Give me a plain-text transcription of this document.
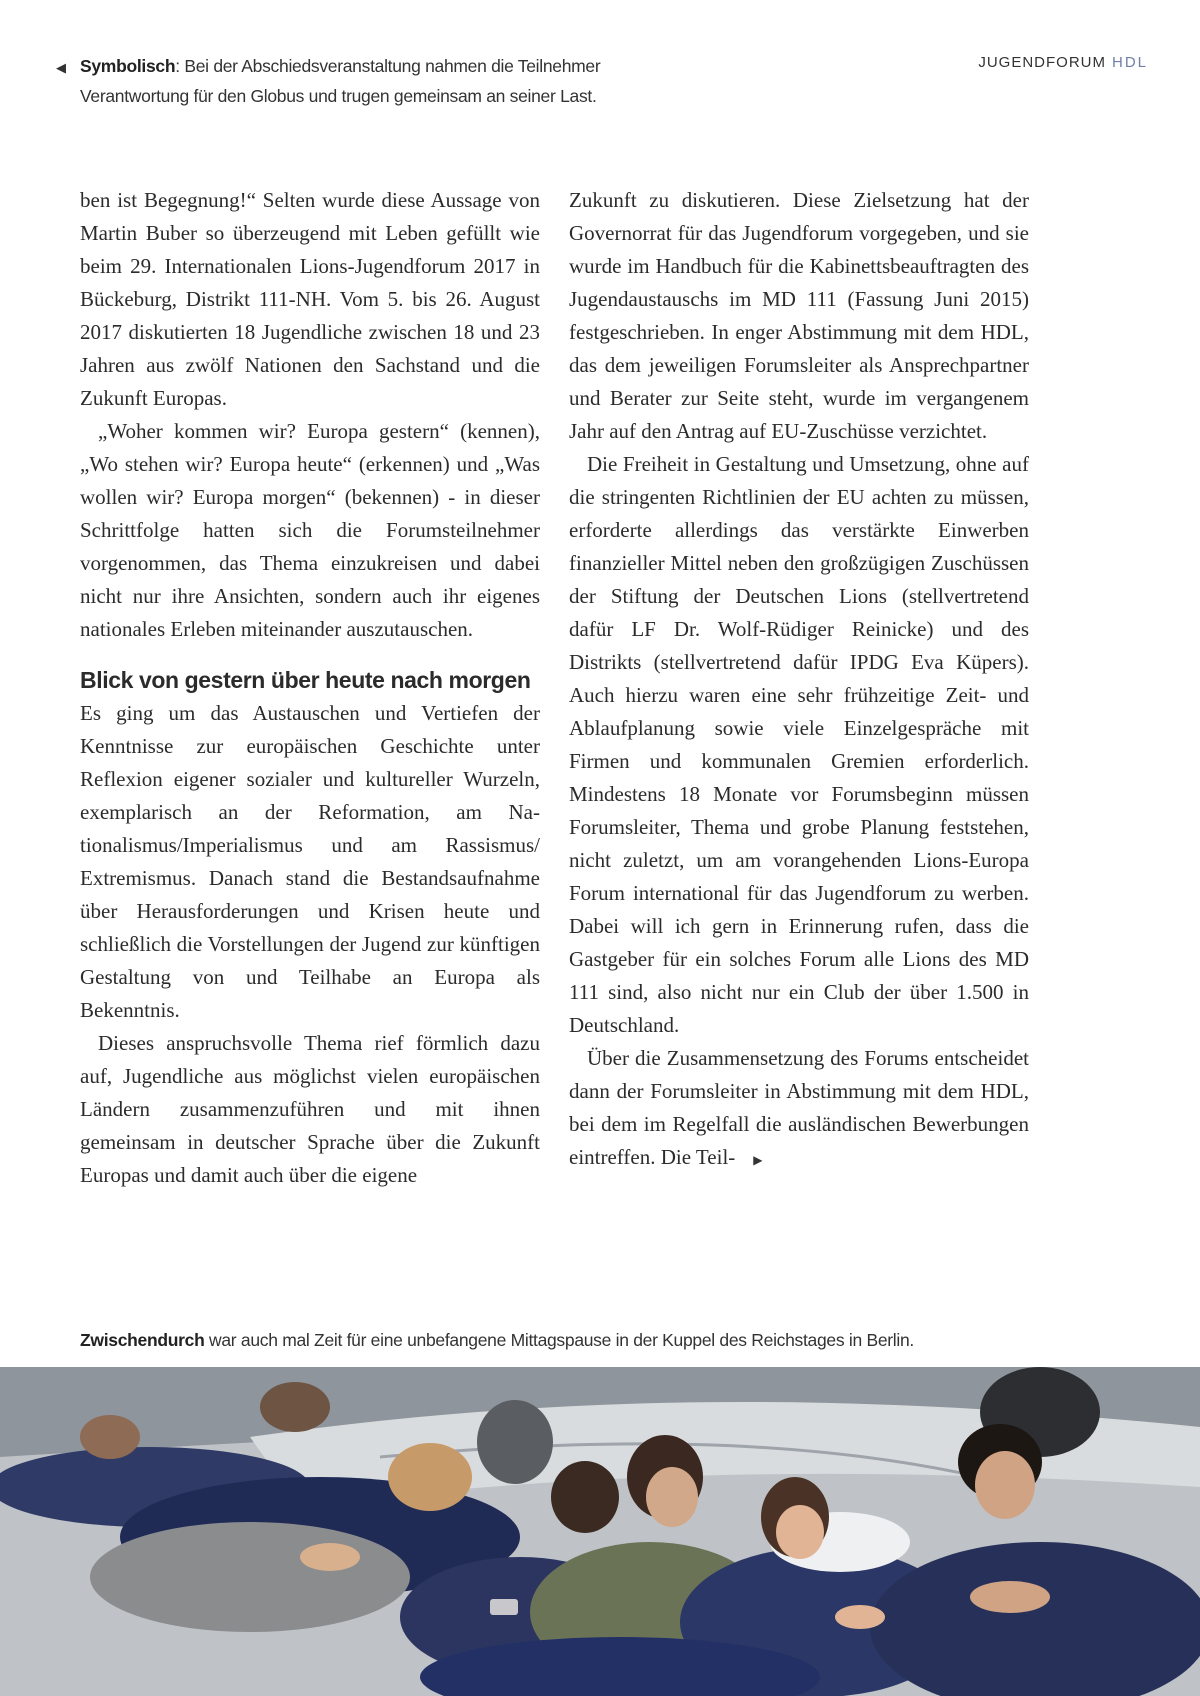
◀ Symbolisch: Bei der Abschiedsveranstaltung nahmen die Teilnehmer
Verantwortung für den Globus und trugen gemeinsam an seiner Last.
JUGENDFORUM HDL

ben ist Begegnung!“ Selten wurde diese Aussage von Martin Buber so überzeugend mit Leben gefüllt wie beim 29. Internationalen Lions-Jugendforum 2017 in Bückeburg, Distrikt 111-NH. Vom 5. bis 26. August 2017 diskutierten 18 Jugendliche zwischen 18 und 23 Jahren aus zwölf Nationen den Sachstand und die Zukunft Europas.

„Woher kommen wir? Europa gestern“ (kennen), „Wo stehen wir? Europa heute“ (erkennen) und „Was wollen wir? Europa morgen“ (bekennen) - in dieser Schrittfolge hatten sich die Forumsteilnehmer vorgenommen, das Thema einzukreisen und dabei nicht nur ihre Ansichten, sondern auch ihr eigenes nationales Erleben miteinander auszutauschen.

Blick von gestern über heute nach morgen

Es ging um das Austauschen und Vertiefen der Kenntnisse zur europäischen Geschichte unter Reflexion eigener sozialer und kultureller Wurzeln, exemplarisch an der Reformation, am Nationalismus/Imperialismus und am Rassismus/ Extremismus. Danach stand die Bestandsaufnahme über Herausforderungen und Krisen heute und schließlich die Vorstellungen der Jugend zur künftigen Gestaltung von und Teilhabe an Europa als Bekenntnis.

Dieses anspruchsvolle Thema rief förmlich dazu auf, Jugendliche aus möglichst vielen europäischen Ländern zusammenzuführen und mit ihnen gemeinsam in deutscher Sprache über die Zukunft Europas und damit auch über die eigene

Zukunft zu diskutieren. Diese Zielsetzung hat der Governorrat für das Jugendforum vorgegeben, und sie wurde im Handbuch für die Kabinettsbeauftragten des Jugendaustauschs im MD 111 (Fassung Juni 2015) festgeschrieben. In enger Abstimmung mit dem HDL, das dem jeweiligen Forumsleiter als Ansprechpartner und Berater zur Seite steht, wurde im vergangenem Jahr auf den Antrag auf EU-Zuschüsse verzichtet.

Die Freiheit in Gestaltung und Umsetzung, ohne auf die stringenten Richtlinien der EU achten zu müssen, erforderte allerdings das verstärkte Einwerben finanzieller Mittel neben den großzügigen Zuschüssen der Stiftung der Deutschen Lions (stellvertretend dafür LF Dr. Wolf-Rüdiger Reinicke) und des Distrikts (stellvertretend dafür IPDG Eva Küpers). Auch hierzu waren eine sehr frühzeitige Zeit- und Ablaufplanung sowie viele Einzelgespräche mit Firmen und kommunalen Gremien erforderlich. Mindestens 18 Monate vor Forumsbeginn müssen Forumsleiter, Thema und grobe Planung feststehen, nicht zuletzt, um am vorangehenden Lions-Europa Forum international für das Jugendforum zu werben. Dabei will ich gern in Erinnerung rufen, dass die Gastgeber für ein solches Forum alle Lions des MD 111 sind, also nicht nur ein Club der über 1.500 in Deutschland.

Über die Zusammensetzung des Forums entscheidet dann der Forumsleiter in Abstimmung mit dem HDL, bei dem im Regelfall die ausländischen Bewerbungen eintreffen. Die Teil- ▶

Zwischendurch war auch mal Zeit für eine unbefangene Mittagspause in der Kuppel des Reichstages in Berlin.
